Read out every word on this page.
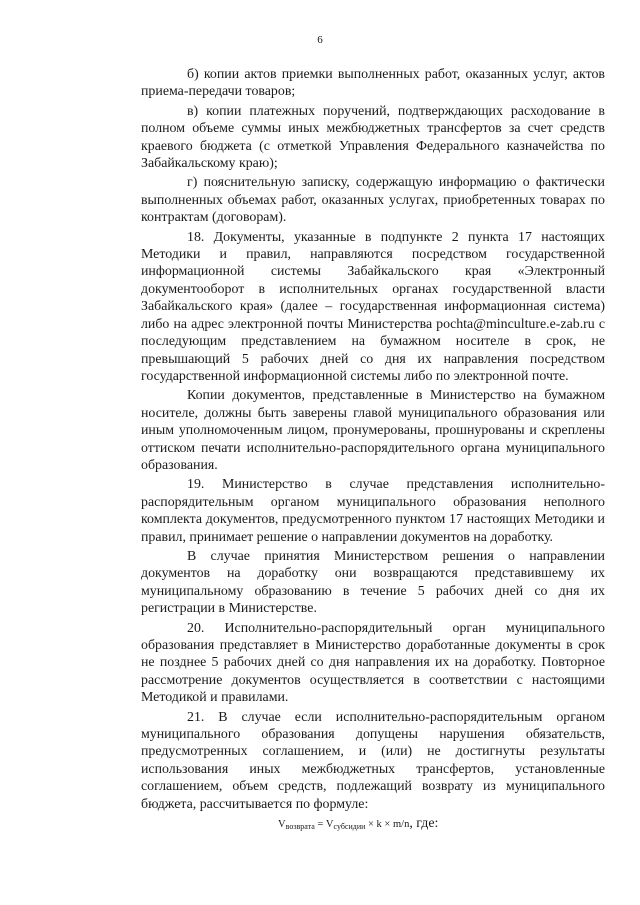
6

б) копии актов приемки выполненных работ, оказанных услуг, актов приема-передачи товаров;

в) копии платежных поручений, подтверждающих расходование в полном объеме суммы иных межбюджетных трансфертов за счет средств краевого бюджета (с отметкой Управления Федерального казначейства по Забайкальскому краю);

г) пояснительную записку, содержащую информацию о фактически выполненных объемах работ, оказанных услугах, приобретенных товарах по контрактам (договорам).

18. Документы, указанные в подпункте 2 пункта 17 настоящих Методики и правил, направляются посредством государственной информационной системы Забайкальского края «Электронный документооборот в исполнительных органах государственной власти Забайкальского края» (далее – государственная информационная система) либо на адрес электронной почты Министерства pochta@minculture.e-zab.ru с последующим представлением на бумажном носителе в срок, не превышающий 5 рабочих дней со дня их направления посредством государственной информационной системы либо по электронной почте.

Копии документов, представленные в Министерство на бумажном носителе, должны быть заверены главой муниципального образования или иным уполномоченным лицом, пронумерованы, прошнурованы и скреплены оттиском печати исполнительно-распорядительного органа муниципального образования.

19. Министерство в случае представления исполнительно-распорядительным органом муниципального образования неполного комплекта документов, предусмотренного пунктом 17 настоящих Методики и правил, принимает решение о направлении документов на доработку.

В случае принятия Министерством решения о направлении документов на доработку они возвращаются представившему их муниципальному образованию в течение 5 рабочих дней со дня их регистрации в Министерстве.

20. Исполнительно-распорядительный орган муниципального образования представляет в Министерство доработанные документы в срок не позднее 5 рабочих дней со дня направления их на доработку. Повторное рассмотрение документов осуществляется в соответствии с настоящими Методикой и правилами.

21. В случае если исполнительно-распорядительным органом муниципального образования допущены нарушения обязательств, предусмотренных соглашением, и (или) не достигнуты результаты использования иных межбюджетных трансфертов, установленные соглашением, объем средств, подлежащий возврату из муниципального бюджета, рассчитывается по формуле:

$V_{возврата} = V_{субсидии} \times k \times m/n$, где:
